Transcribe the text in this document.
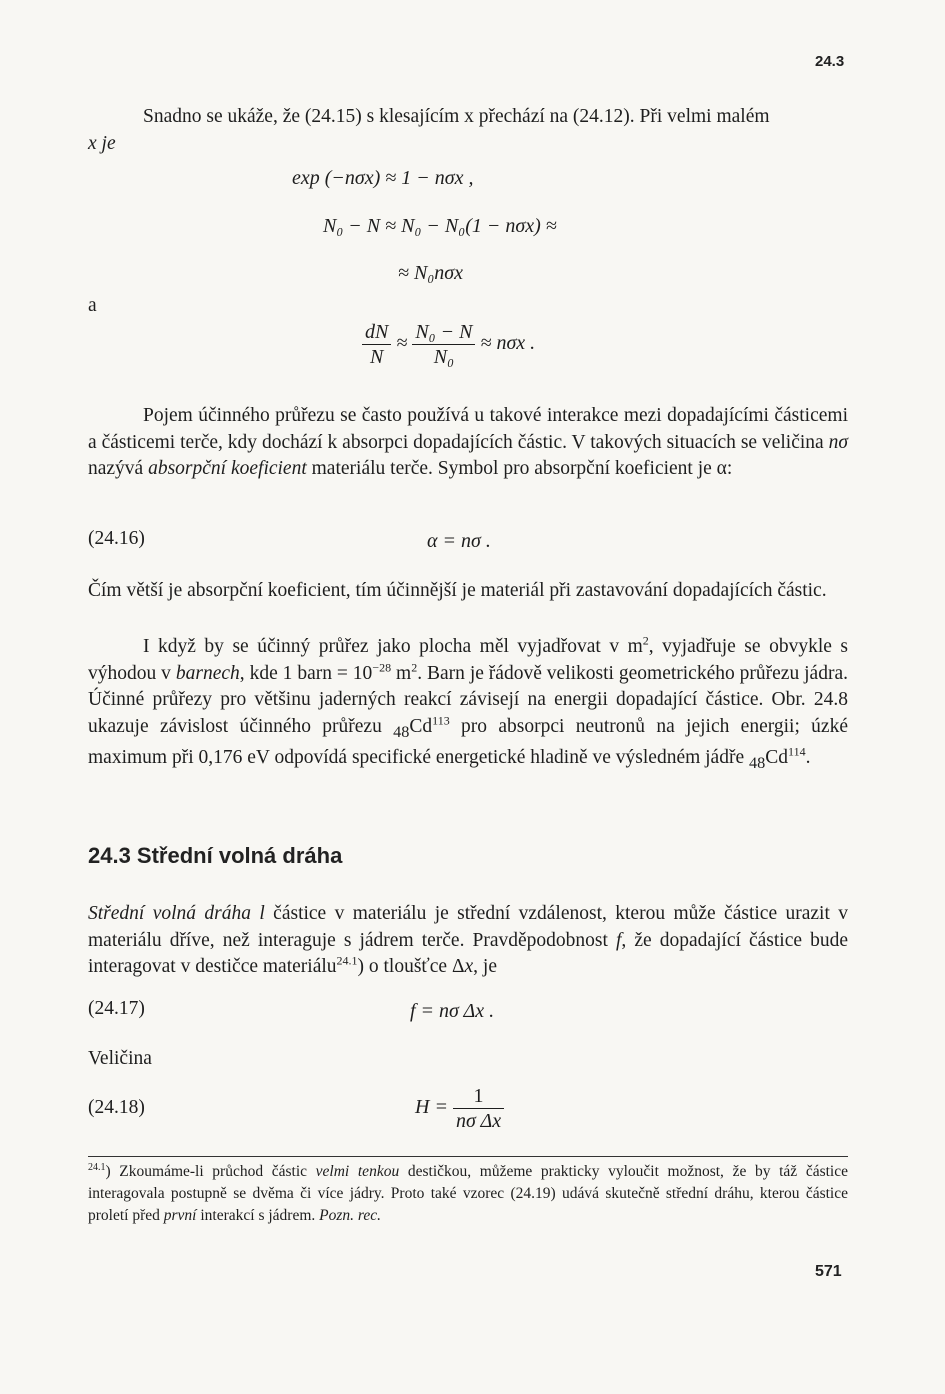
24.3
Snadno se ukáže, že (24.15) s klesajícím x přechází na (24.12). Při velmi malém
x je
exp (−nσx) ≈ 1 − nσx ,
N₀ − N ≈ N₀ − N₀(1 − nσx) ≈
≈ N₀nσx
a
$\frac{dN}{N} \approx \frac{\text{N₀ − N}}{\text{N₀}} \approx n\sigma x$ .
Pojem účinného průřezu se často používá u takové interakce mezi dopadajícími částicemi a částicemi terče, kdy dochází k absorpci dopadajících částic. V takových situacích se veličina nσ nazývá absorpční koeficient materiálu terče. Symbol pro absorpční koeficient je α:
(24.16)	α = nσ .
Čím větší je absorpční koeficient, tím účinnější je materiál při zastavování dopadajících částic.
I když by se účinný průřez jako plocha měl vyjadřovat v $m^2$, vyjadřuje se obvykle s výhodou v barnech, kde 1 barn = $10^{-28}$ $m^2$. Barn je řádově velikosti geometrického průřezu jádra. Účinné průřezy pro většinu jaderných reakcí závisejí na energii dopadající částice. Obr. 24.8 ukazuje závislost účinného průřezu $_{48}Cd^{113}$ pro absorpci neutronů na jejich energii; úzké maximum při 0,176 eV odpovídá specifické energetické hladině ve výsledném jádře $_{48}Cd^{114}$.
24.3 Střední volná dráha
Střední volná dráha l částice v materiálu je střední vzdálenost, kterou může částice urazit v materiálu dříve, než interaguje s jádrem terče. Pravděpodobnost f, že dopadající částice bude interagovat v destičce materiálu$^{24.1}$) o tloušťce Δx, je
(24.17)	f = nσ Δx .
Veličina
(24.18)	$H = \frac{1}{\text{nσ Δx}}$
$^{24.1}$) Zkoumáme-li průchod částic velmi tenkou destičkou, můžeme prakticky vyloučit možnost, že by táž částice interagovala postupně se dvěma či více jádry. Proto také vzorec (24.19) udává skutečně střední dráhu, kterou částice proletí před první interakcí s jádrem. Pozn. rec.
571
